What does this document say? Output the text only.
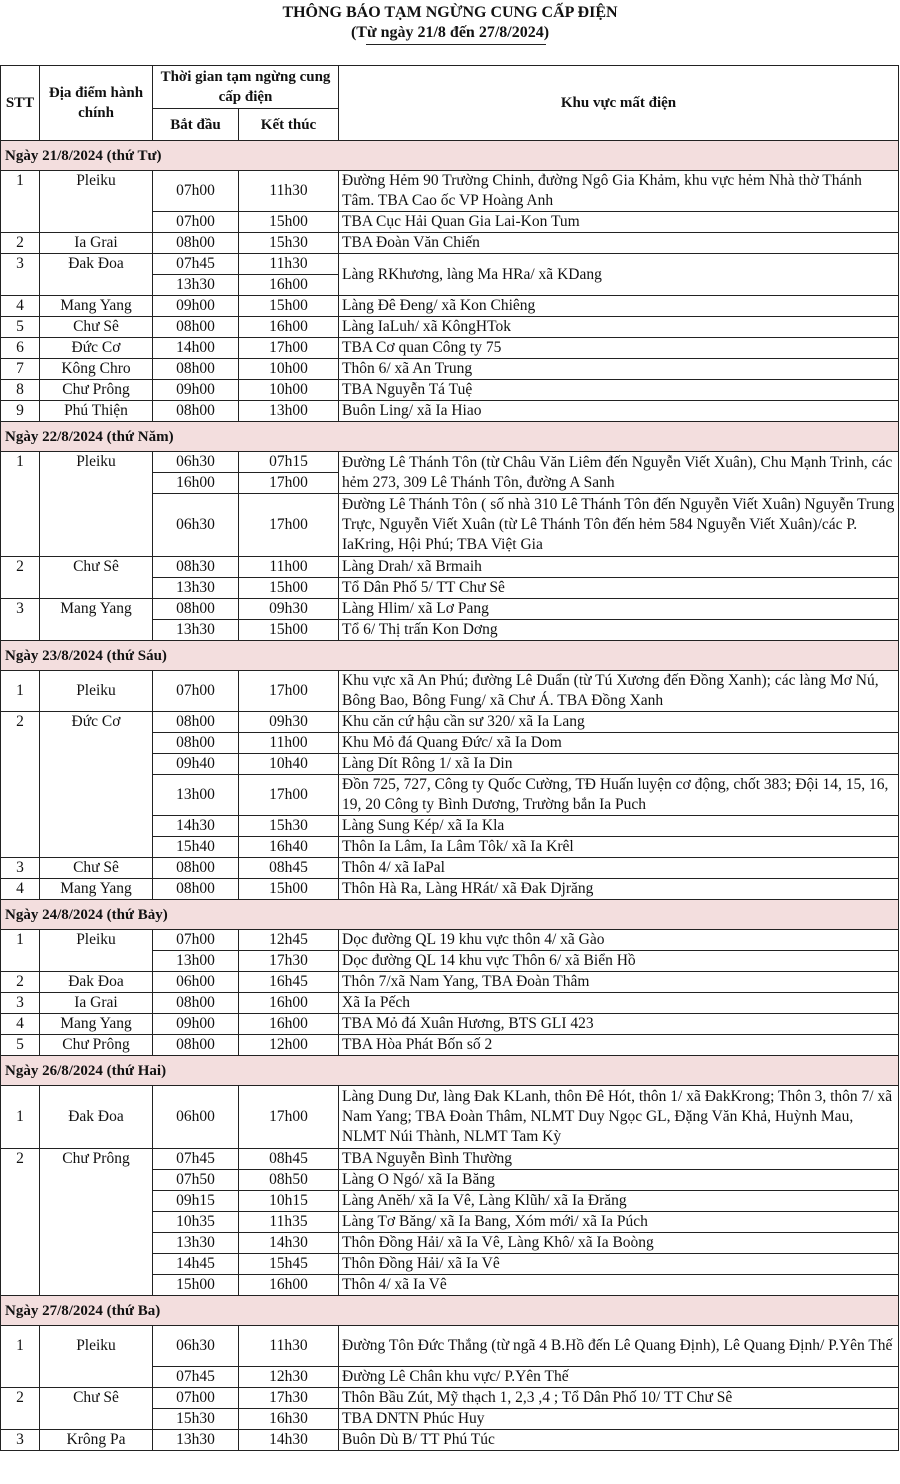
THÔNG BÁO TẠM NGỪNG CUNG CẤP ĐIỆN
(Từ ngày 21/8 đến 27/8/2024)
STT	Địa điểm hành chính	Thời gian tạm ngừng cung cấp điện		Khu vực mất điện
		Bắt đầu	Kết thúc	
Ngày 21/8/2024 (thứ Tư)				
1	Pleiku	07h00	11h30	Đường Hẻm 90 Trường Chinh, đường Ngô Gia Khảm, khu vực hẻm Nhà thờ Thánh Tâm. TBA Cao ốc VP Hoàng Anh
		07h00	15h00	TBA Cục Hải Quan Gia Lai-Kon Tum
2	Ia Grai	08h00	15h30	TBA Đoàn Văn Chiến
3	Đak Đoa	07h45	11h30	Làng RKhương, làng Ma HRa/ xã KDang
		13h30	16h00	
4	Mang Yang	09h00	15h00	Làng Đê Đeng/ xã Kon Chiêng
5	Chư Sê	08h00	16h00	Làng IaLuh/ xã KôngHTok
6	Đức Cơ	14h00	17h00	TBA Cơ quan Công ty 75
7	Kông Chro	08h00	10h00	Thôn 6/ xã An Trung
8	Chư Prông	09h00	10h00	TBA Nguyễn Tá Tuệ
9	Phú Thiện	08h00	13h00	Buôn Ling/ xã Ia Hiao
Ngày 22/8/2024 (thứ Năm)				
1	Pleiku	06h30	07h15	Đường Lê Thánh Tôn (từ Châu Văn Liêm đến Nguyễn Viết Xuân), Chu Mạnh Trinh, các hẻm 273, 309 Lê Thánh Tôn, đường A Sanh
		16h00	17h00	
		06h30	17h00	Đường Lê Thánh Tôn ( số nhà 310 Lê Thánh Tôn đến Nguyễn Viết Xuân) Nguyễn Trung Trực, Nguyễn Viết Xuân (từ Lê Thánh Tôn đến hẻm 584 Nguyễn Viết Xuân)/các P. IaKring, Hội Phú; TBA Việt Gia
2	Chư Sê	08h30	11h00	Làng Drah/ xã Brmaih
		13h30	15h00	Tổ Dân Phố 5/ TT Chư Sê
3	Mang Yang	08h00	09h30	Làng Hlim/ xã Lơ Pang
		13h30	15h00	Tổ 6/ Thị trấn Kon Dơng
Ngày 23/8/2024 (thứ Sáu)				
1	Pleiku	07h00	17h00	Khu vực xã An Phú; đường Lê Duẩn (từ Tú Xương đến Đồng Xanh); các làng Mơ Nú, Bông Bao, Bông Fung/ xã Chư Á. TBA Đồng Xanh
2	Đức Cơ	08h00	09h30	Khu căn cứ hậu cần sư 320/ xã Ia Lang
		08h00	11h00	Khu Mỏ đá Quang Đức/ xã Ia Dom
		09h40	10h40	Làng Dít Rông 1/ xã Ia Din
		13h00	17h00	Đồn 725, 727, Công ty Quốc Cường, TĐ Huấn luyện cơ động, chốt 383; Đội 14, 15, 16, 19, 20 Công ty Bình Dương, Trường bắn Ia Puch
		14h30	15h30	Làng Sung Kép/ xã Ia Kla
		15h40	16h40	Thôn Ia Lâm, Ia Lâm Tôk/ xã Ia Krêl
3	Chư Sê	08h00	08h45	Thôn 4/ xã IaPal
4	Mang Yang	08h00	15h00	Thôn Hà Ra, Làng HRát/ xã Đak Djrăng
Ngày 24/8/2024 (thứ Bảy)				
1	Pleiku	07h00	12h45	Dọc đường QL 19 khu vực thôn 4/ xã Gào
		13h00	17h30	Dọc đường QL 14 khu vực Thôn 6/ xã Biển Hồ
2	Đak Đoa	06h00	16h45	Thôn 7/xã Nam Yang, TBA Đoàn Thâm
3	Ia Grai	08h00	16h00	Xã Ia Pếch
4	Mang Yang	09h00	16h00	TBA Mỏ đá Xuân Hương, BTS GLI 423
5	Chư Prông	08h00	12h00	TBA Hòa Phát Bốn số 2
Ngày 26/8/2024 (thứ Hai)				
1	Đak Đoa	06h00	17h00	Làng Dung Dư, làng Đak KLanh, thôn Đê Hót, thôn 1/ xã ĐakKrong; Thôn 3, thôn 7/ xã Nam Yang; TBA Đoàn Thâm, NLMT Duy Ngọc GL, Đặng Văn Khả, Huỳnh Mau, NLMT Núi Thành, NLMT Tam Kỳ
2	Chư Prông	07h45	08h45	TBA Nguyễn Bình Thường
		07h50	08h50	Làng O Ngó/ xã Ia Băng
		09h15	10h15	Làng Anĕh/ xã Ia Vê, Làng Klũh/ xã Ia Đrăng
		10h35	11h35	Làng Tơ Băng/ xã Ia Bang, Xóm mới/ xã Ia Púch
		13h30	14h30	Thôn Đồng Hải/ xã Ia Vê, Làng Khô/ xã Ia Boòng
		14h45	15h45	Thôn Đồng Hải/ xã Ia Vê
		15h00	16h00	Thôn 4/ xã Ia Vê
Ngày 27/8/2024 (thứ Ba)				
1	Pleiku	06h30	11h30	Đường Tôn Đức Thắng (từ ngã 4 B.Hồ đến Lê Quang Định), Lê Quang Định/ P.Yên Thế
		07h45	12h30	Đường Lê Chân khu vực/ P.Yên Thế
2	Chư Sê	07h00	17h30	Thôn Bầu Zút, Mỹ thạch 1, 2,3 ,4 ; Tổ Dân Phố 10/ TT Chư Sê
		15h30	16h30	TBA DNTN Phúc Huy
3	Krông Pa	13h30	14h30	Buôn Dù B/ TT Phú Túc
